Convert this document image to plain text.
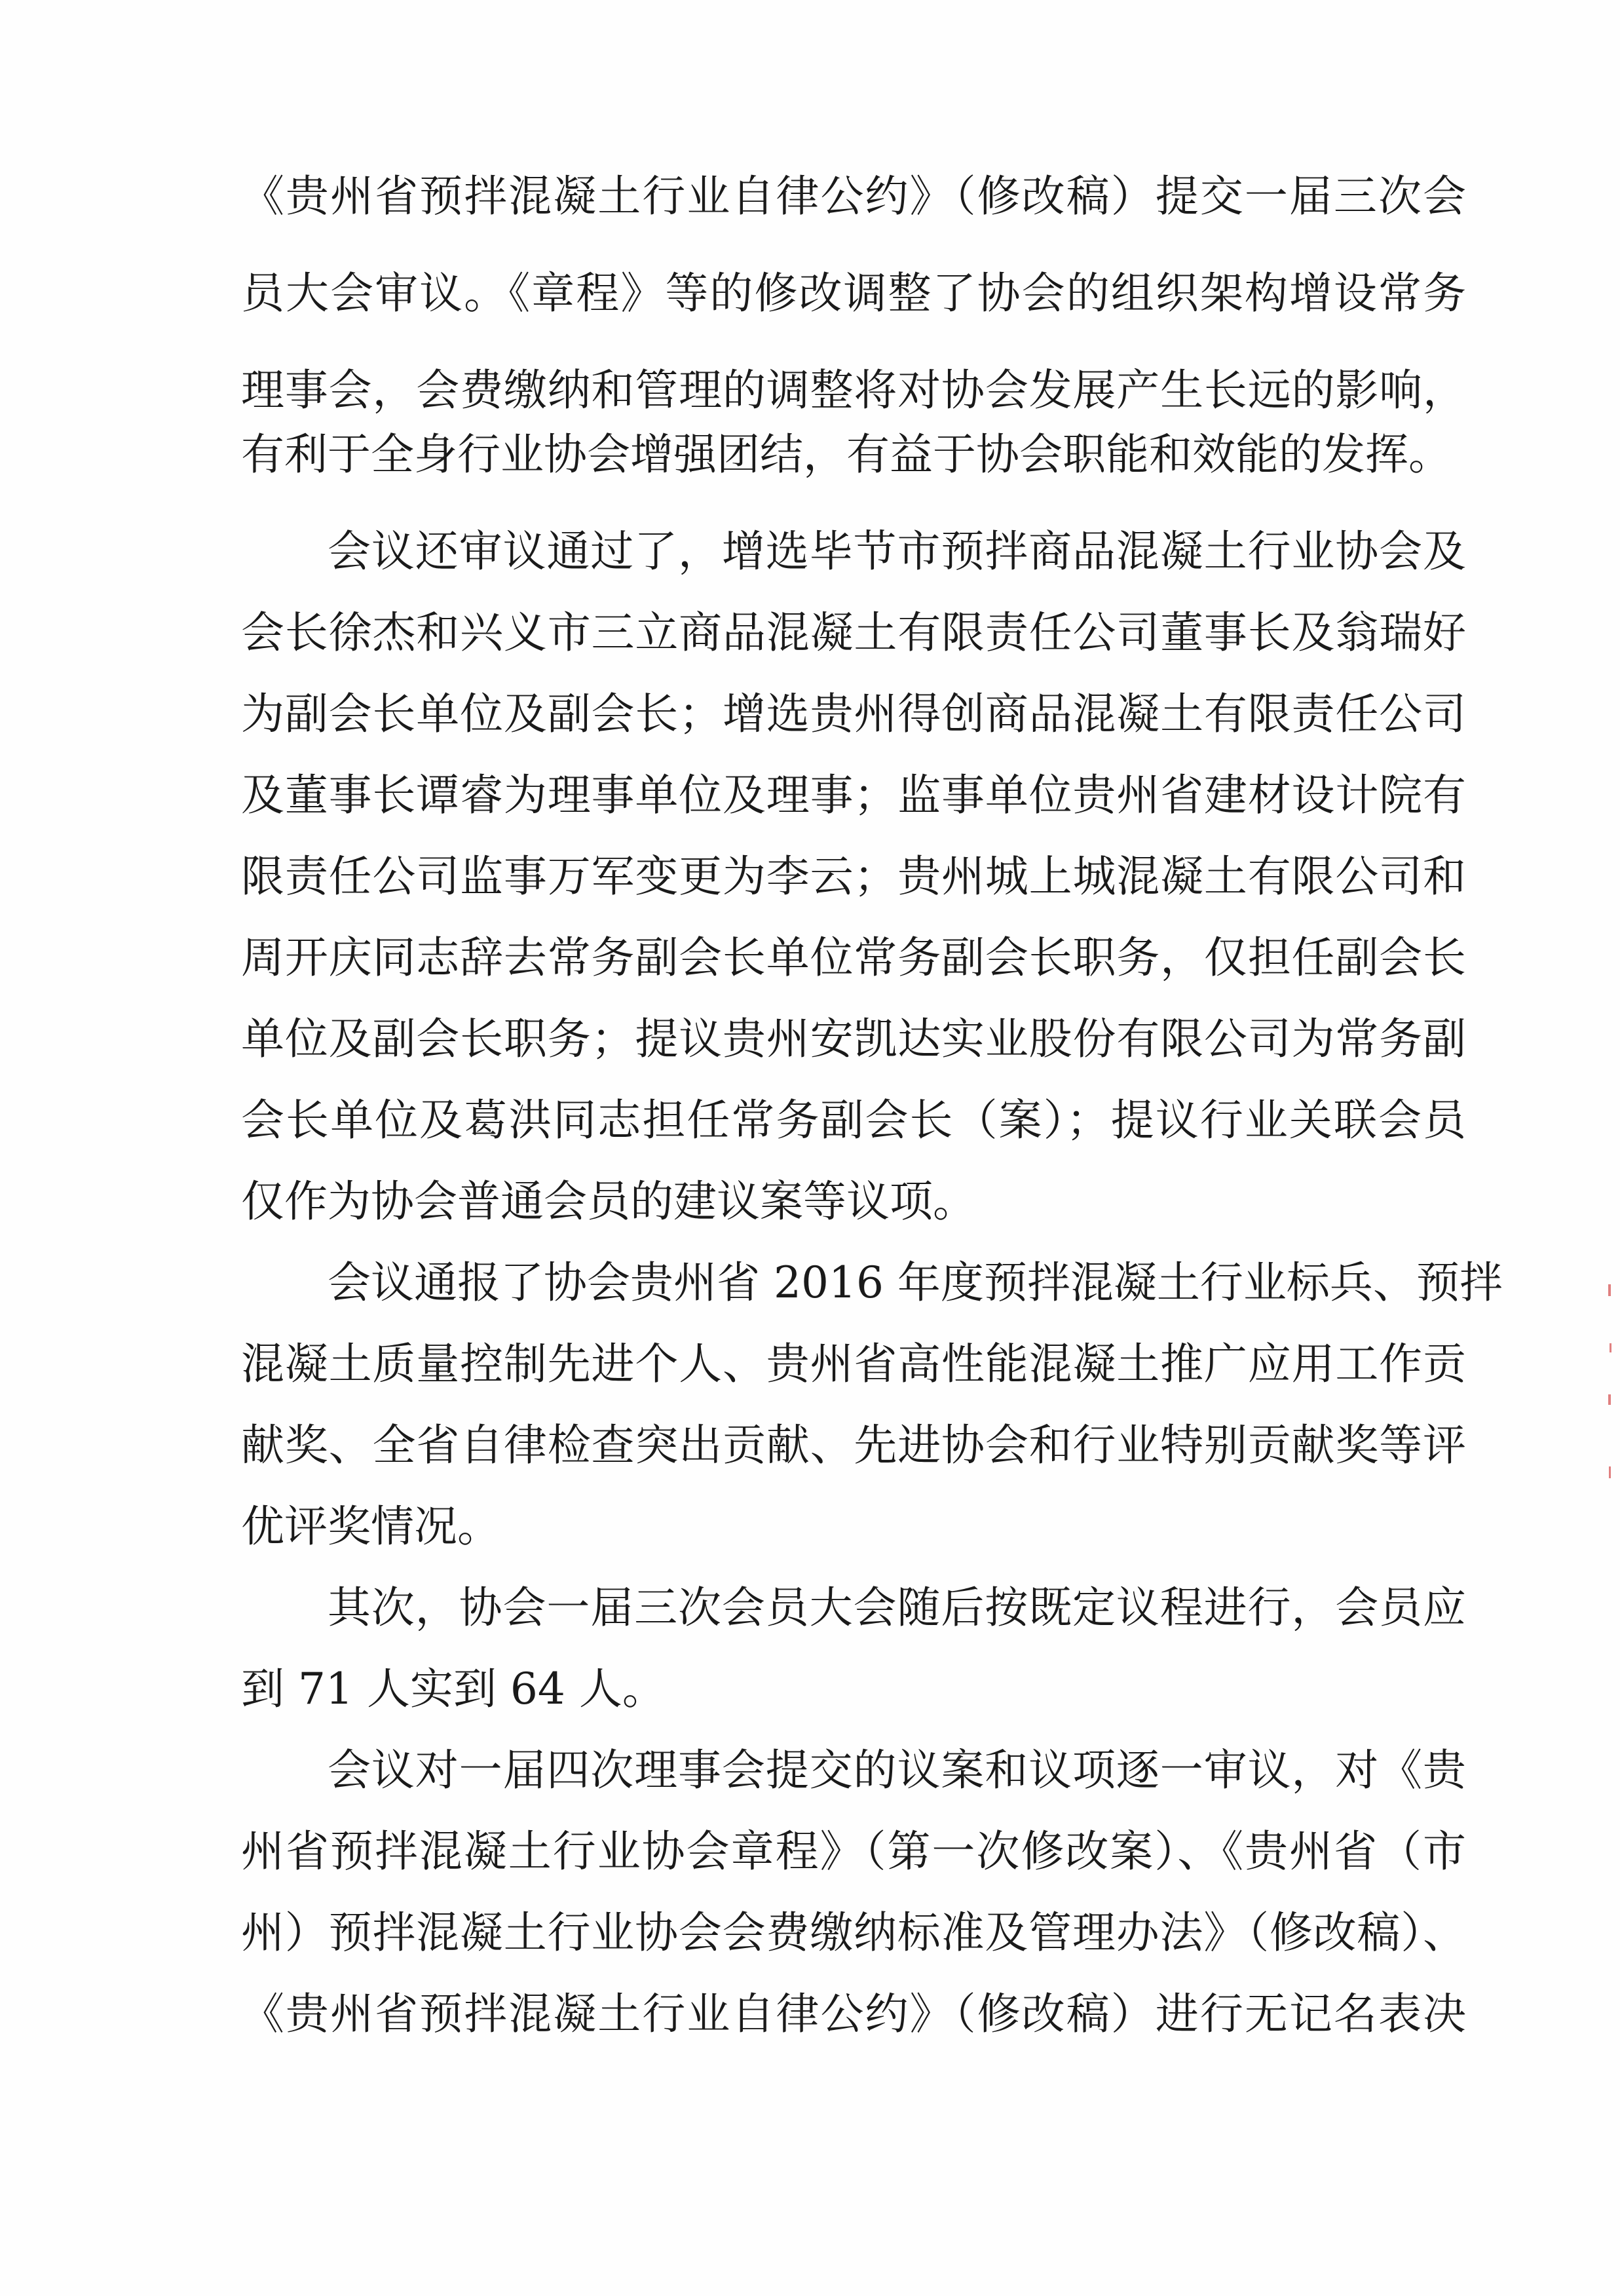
《贵州省预拌混凝土行业自律公约》（修改稿）提交一届三次会
员大会审议。《章程》等的修改调整了协会的组织架构增设常务
理事会，会费缴纳和管理的调整将对协会发展产生长远的影响，
有利于全身行业协会增强团结，有益于协会职能和效能的发挥。
会议还审议通过了，增选毕节市预拌商品混凝土行业协会及
会长徐杰和兴义市三立商品混凝土有限责任公司董事长及翁瑞好
为副会长单位及副会长；增选贵州得创商品混凝土有限责任公司
及董事长谭睿为理事单位及理事；监事单位贵州省建材设计院有
限责任公司监事万军变更为李云；贵州城上城混凝土有限公司和
周开庆同志辞去常务副会长单位常务副会长职务，仅担任副会长
单位及副会长职务；提议贵州安凯达实业股份有限公司为常务副
会长单位及葛洪同志担任常务副会长（案）；提议行业关联会员
仅作为协会普通会员的建议案等议项。
会议通报了协会贵州省 2016 年度预拌混凝土行业标兵、预拌
混凝土质量控制先进个人、贵州省高性能混凝土推广应用工作贡
献奖、全省自律检查突出贡献、先进协会和行业特别贡献奖等评
优评奖情况。
其次，协会一届三次会员大会随后按既定议程进行，会员应
到 71 人实到 64 人。
会议对一届四次理事会提交的议案和议项逐一审议，对《贵
州省预拌混凝土行业协会章程》（第一次修改案）、《贵州省（市
州）预拌混凝土行业协会会费缴纳标准及管理办法》（修改稿）、
《贵州省预拌混凝土行业自律公约》（修改稿）进行无记名表决
